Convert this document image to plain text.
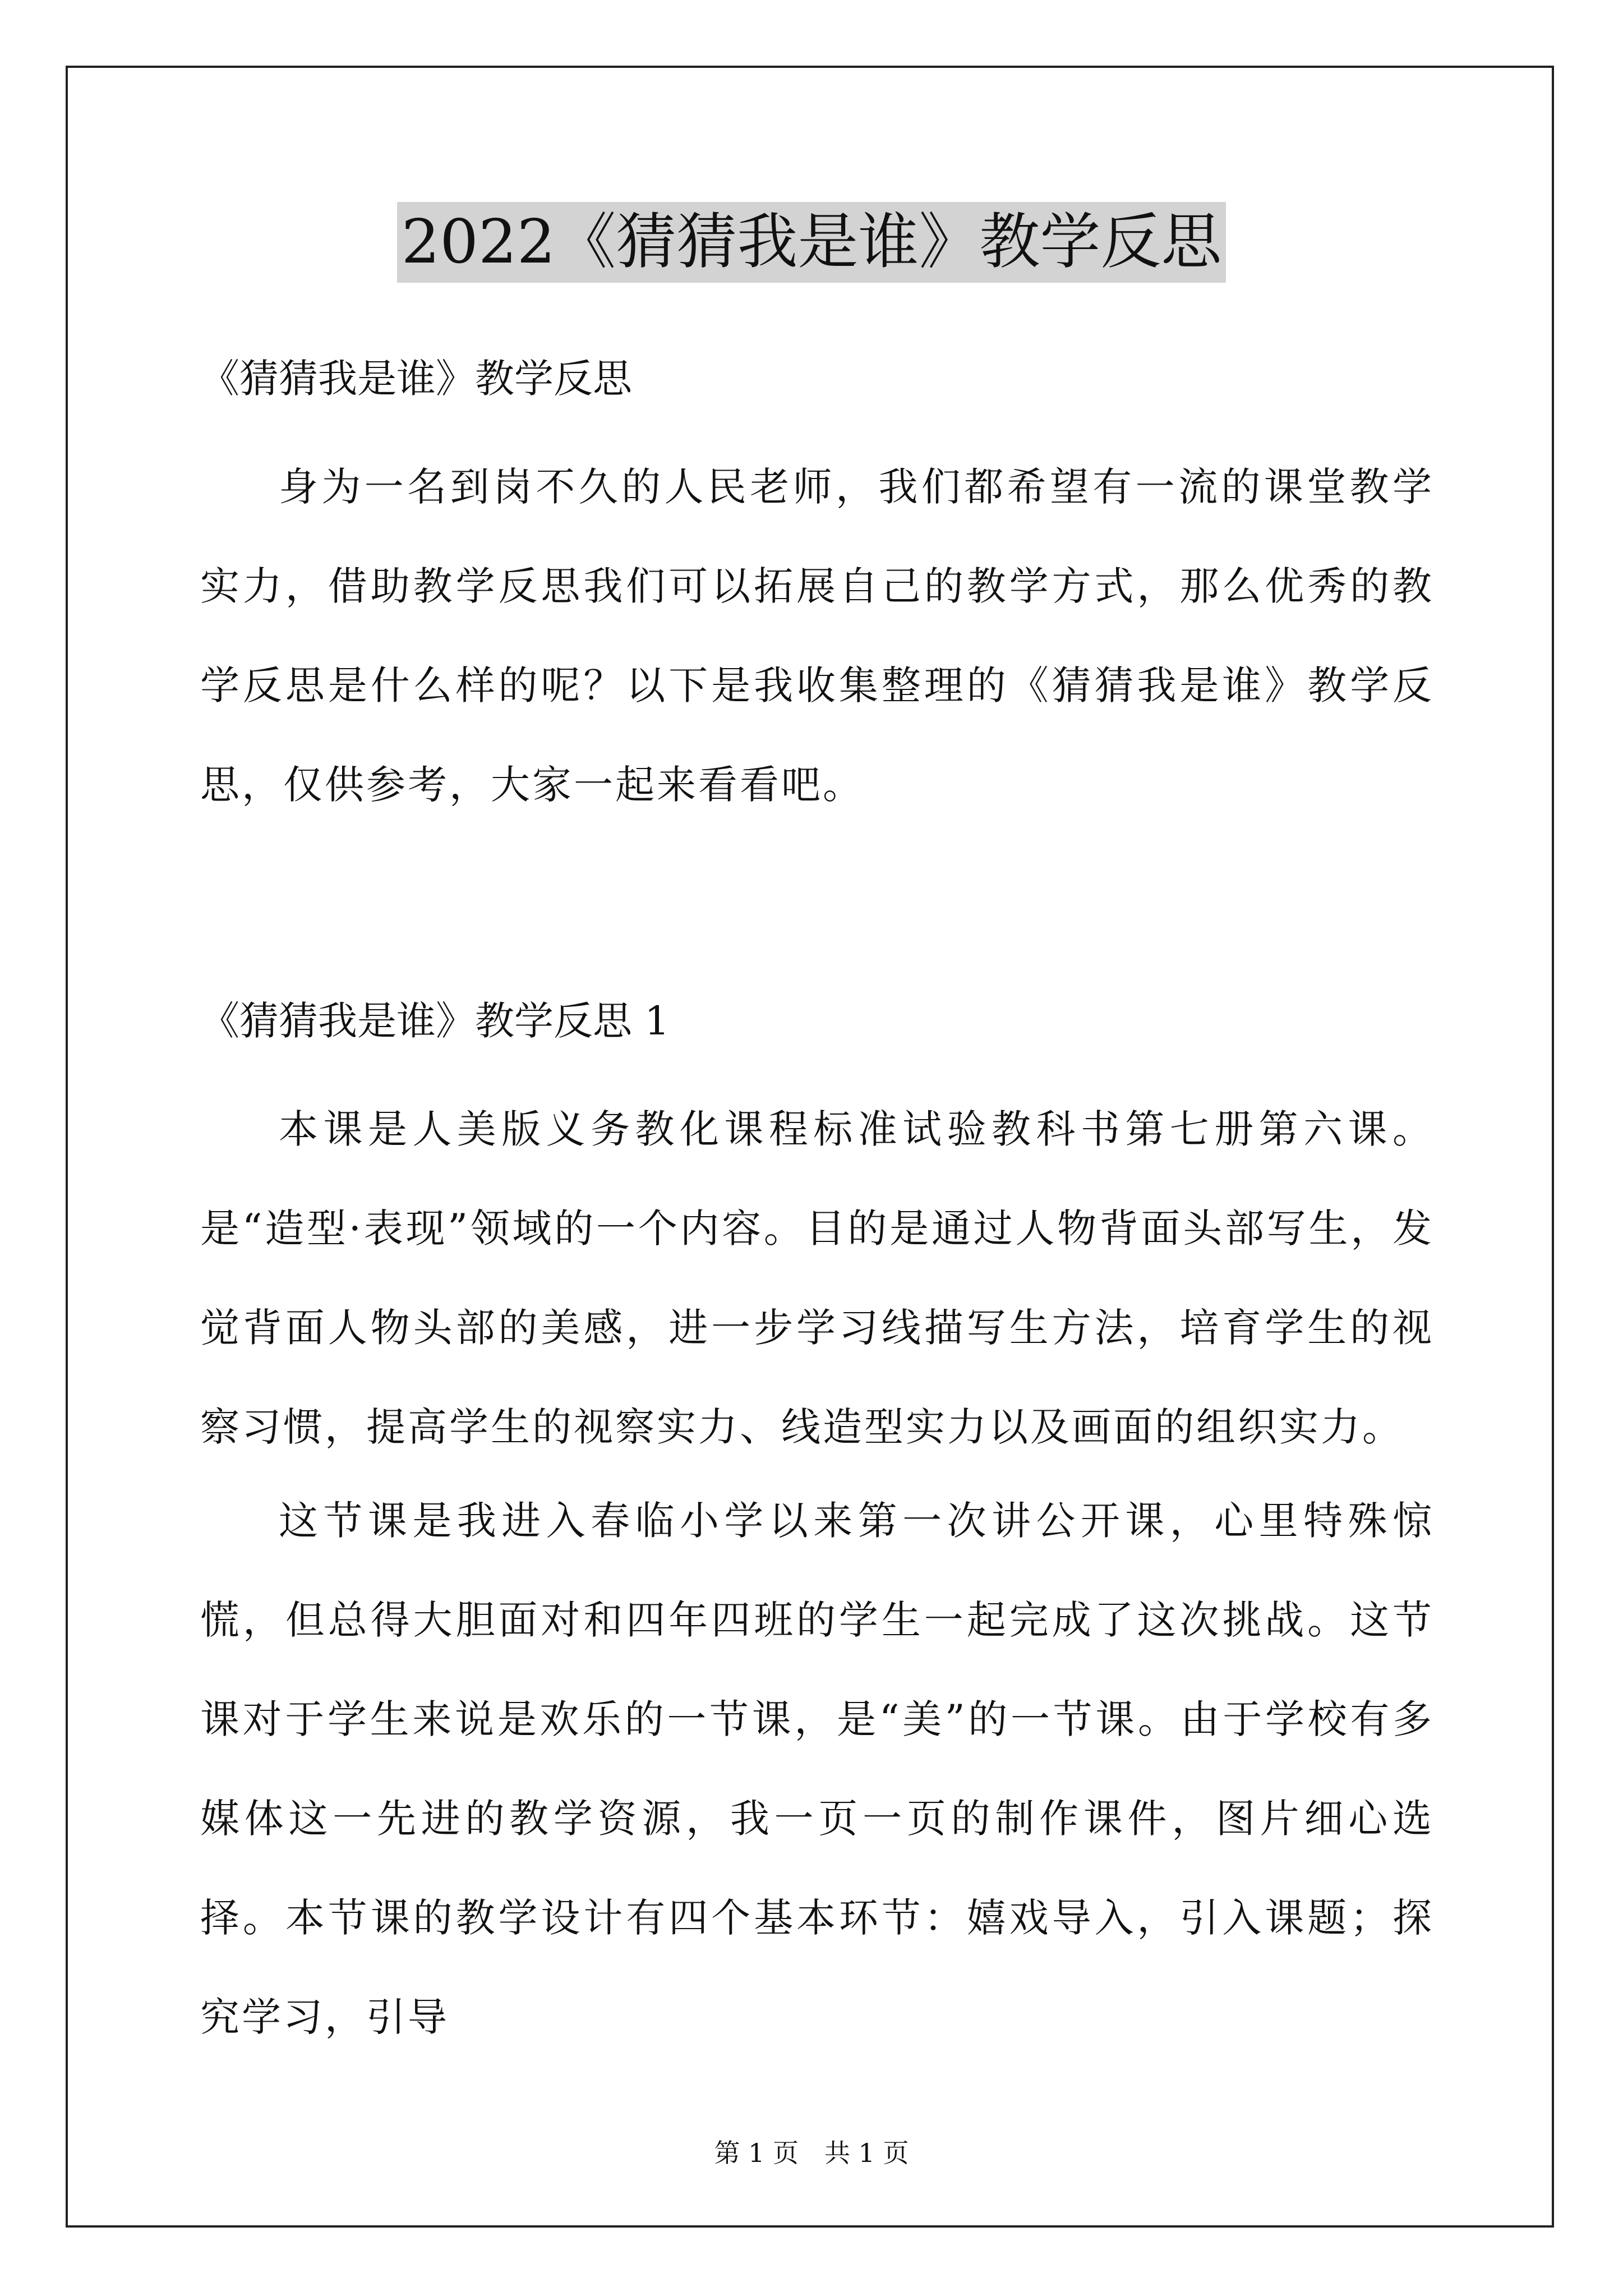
2022《猜猜我是谁》教学反思
《猜猜我是谁》教学反思
身为一名到岗不久的人民老师，我们都希望有一流的课堂教学实力，借助教学反思我们可以拓展自己的教学方式，那么优秀的教学反思是什么样的呢？以下是我收集整理的《猜猜我是谁》教学反思，仅供参考，大家一起来看看吧。
《猜猜我是谁》教学反思 1
本课是人美版义务教化课程标准试验教科书第七册第六课。是“造型·表现”领域的一个内容。目的是通过人物背面头部写生，发觉背面人物头部的美感，进一步学习线描写生方法，培育学生的视察习惯，提高学生的视察实力、线造型实力以及画面的组织实力。
这节课是我进入春临小学以来第一次讲公开课，心里特殊惊慌，但总得大胆面对和四年四班的学生一起完成了这次挑战。这节课对于学生来说是欢乐的一节课，是“美”的一节课。由于学校有多媒体这一先进的教学资源，我一页一页的制作课件，图片细心选择。本节课的教学设计有四个基本环节：嬉戏导入，引入课题；探究学习，引导
第 1 页　共 1 页
